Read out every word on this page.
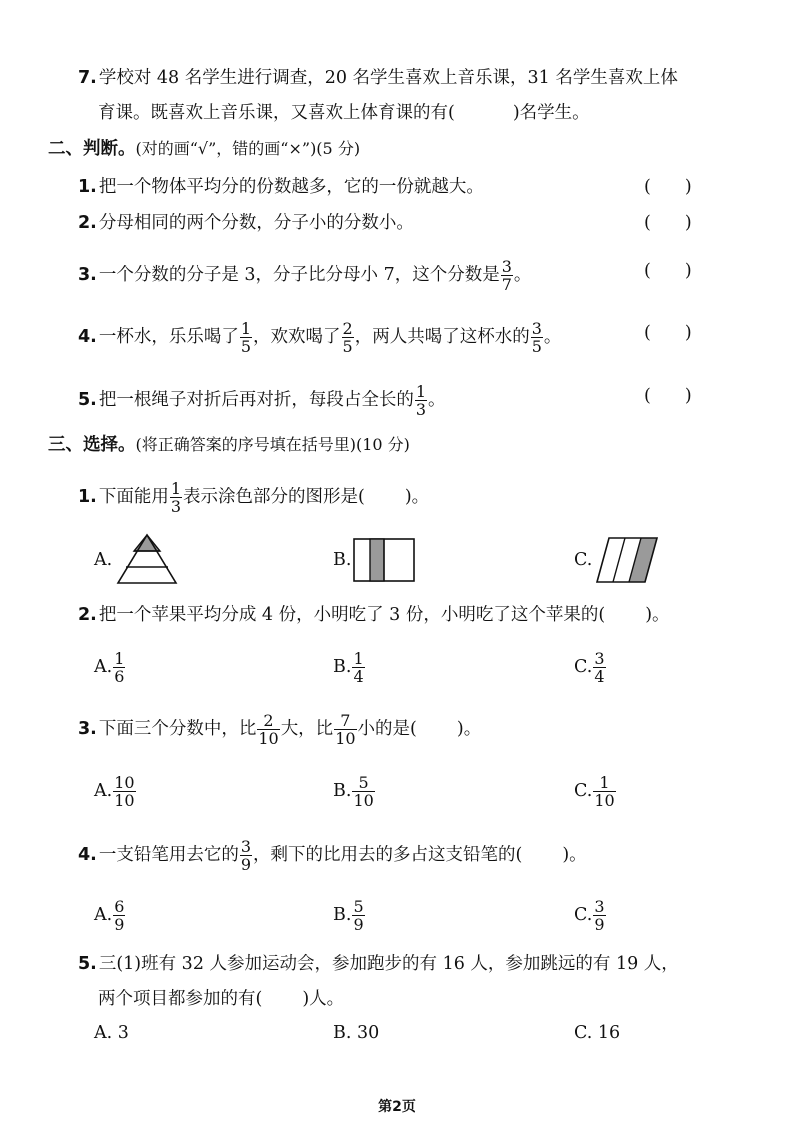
7. 学校对 48 名学生进行调查，20 名学生喜欢上音乐课，31 名学生喜欢上体
育课。既喜欢上音乐课，又喜欢上体育课的有(	)名学生。
二、判断。(对的画“√”，错的画“×”)(5 分)
1. 把一个物体平均分的份数越多，它的一份就越大。	( )
2. 分母相同的两个分数，分子小的分数小。	( )
3. 一个分数的分子是 3，分子比分母小 7，这个分数是 $\frac{3}{7}$ 。	( )
4. 一杯水，乐乐喝了 $\frac{1}{5}$ ，欢欢喝了 $\frac{2}{5}$ ，两人共喝了这杯水的 $\frac{3}{5}$ 。	( )
5. 把一根绳子对折后再对折，每段占全长的 $\frac{1}{3}$ 。	( )
三、选择。(将正确答案的序号填在括号里)(10 分)
1. 下面能用 $\frac{1}{3}$ 表示涂色部分的图形是( )。
A.	B.	C.
2. 把一个苹果平均分成 4 份，小明吃了 3 份，小明吃了这个苹果的( )。
A. $\frac{1}{6}$	B. $\frac{1}{4}$	C. $\frac{3}{4}$
3. 下面三个分数中，比 $\frac{2}{10}$ 大，比 $\frac{7}{10}$ 小的是( )。
A. $\frac{10}{10}$	B. $\frac{5}{10}$	C. $\frac{1}{10}$
4. 一支铅笔用去它的 $\frac{3}{9}$ ，剩下的比用去的多占这支铅笔的( )。
A. $\frac{6}{9}$	B. $\frac{5}{9}$	C. $\frac{3}{9}$
5. 三(1)班有 32 人参加运动会，参加跑步的有 16 人，参加跳远的有 19 人，
两个项目都参加的有( )人。
A. 3	B. 30	C. 16
第2页
